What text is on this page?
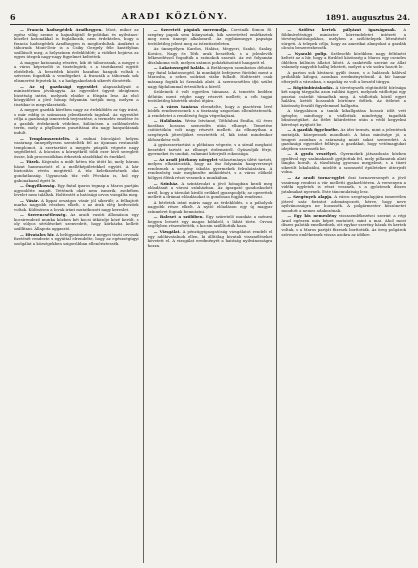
6	ARADI KÖZLÖNY.	1891. augusztus 24.

— Francia hadsegédek Aradhegyen. Most, mikor az egész világ szeme a hajnaltájitól fe-politikai és nyilvános-közélet katonákkal is foglalkozik, nem érdektelen, hogy a francia hadsegédek Aradhegyen is megfordultak. Amiként a tábornok Mont-Deir is a Csiky Gergely féle kastélyban szállásolt meg, a helyszínen érdeklődött; a vidéket bejárva az egyes ütegek nagy-nagy figyelmet keltettek.

A magyar katonaság részére, kik itt táboroznak, a megye s a város képviselői is tisztelegtek, s a tisztikarral együtt ebédeltek. A beszédek között hazafias hangok voltak s szívesen fogadták a vendégeket. A franciák a tábornak sok elismerést fejeztek ki, s a hadgyakorlatok sikerét dicsérték.

— Az uj gazdasági egyesület alapszabályait a minisztérium jóváhagyta. Az egyesület ügyeit ideiglenes bizottság intézi, melynek elnöke a főispán lesz. Az első közgyűlést a jövő hónap folyamán tartják meg, melyen a tisztikar is megválasztatik.

A megyei gazdák körében nagy az érdeklődés az ügy iránt, s már eddig is számosan jelentkeztek tagokul. Az egyesület célja a gazdasági ismeretek terjesztése, a termelés emelése és a gazdák érdekeinek védelme, különösen a szőlőművelés terén, mely a phylloxera pusztításai óta nagy hanyatlásnak indult.

— Templomszentelés. A radnai búcsújáró helyen vasárnap ünnepélyesen szentelték fel az újonnan restaurált templomot. A szertartást a megyés püspök végezte nagy segédlettel. A búcsúra a környékről több ezer hívő sereglett össze, kik processiókban érkeztek zászlókkal és énekkel.

— Tüzek. Kisjenőn a múlt héten tűz ütött ki, mely három házat hamvasztott el a melléképületekkel együtt. A kár biztosítás révén megtérül. A tűz keletkezésének oka gondatlanság. Ugyancsak tűz volt Pécskán is, hol egy gabonakazal égett le.

— Öngyilkosság. Egy fiatal iparos tegnap a Maros partján agyonlőtte magát. Tettének okát nem ismerik, zsebében levelet nem találtak. Holttestét a hatósági orvos vizsgálta meg.

— Vásár. A lippai országos vásár jól sikerült; a felhajtott marha nagyobb részben elkelt, s az árak elég kedvezőek voltak. Különösen a lovak iránt mutatkozott nagy kereslet.

— Szerencsétlenség. Az aradi vasúti állomáson egy kocsirendező munka közben két kocsi ütközője közé került, s oly súlyos sérüléseket szenvedett, hogy kórházba kellett szállítani. Állapota aggasztó.

— Hivatalos hir. A belügyminiszter a megyei tiszti orvosok fizetését rendezte s egyúttal elrendelte, hogy az egészségügyi szolgálat a községekben szigorúbban ellenőriztessék.

— Szeretett pápánk meremolja. Corvinák Simon fő. szegény papok sem hiányoztak, kik szeretettel emlékeztek meg ezen ünnepi alkalomról. Az egyházmegye papsága testületileg jelent meg az istentiszteleten.

Az ünnepélyen Kardos, Halász, Megyeri, Szabó, Szalay, Kovács, Nagy és Tóth urak beszéltek, s a jelenlevők lelkesedéssel fogadták a szónokok szavait. Az est folyamán díszlakoma volt, melyen számos pohárköszöntő hangzott el.

— Lakatossegéd halála. A Bethlenyen szombaton délután egy fiatal lakatossegéd, ki munkáját befejezve fürödni ment a Marosba, a sebes sodrású vízbe fulladt. Holttestét csak másnap fogták ki Szemlak alatt. A szerencsétlen ifjú szülei nagy fájdalommal értesültek a hírről.

Szüleinek ő volt egyetlen támasza. A temetés kedden délután ment végbe nagy részvét mellett; a céh tagjai testületileg kísérték utolsó útjára.

— A város tanácsa elrendelte, hogy a piactéren levő bódék rendezessenek s a tisztaság szigorúan ellenőriztessék. A rendeletet a rendőrség fogja végrehajtani.

— Halálozás. Weisz Istvánné, Tóthfalusi Emília, 62 éves korában hosszas szenvedés után elhunyt. Temetése csütörtökön volt nagy részvét mellett. Az elhunytban a szegények jótevőjüket vesztették el, kik iránt mindenkor áldozatkész volt.

A gyászszertartást a plébános végezte, s a sírnál megható beszédet tartott az elhunyt érdemeiről. Gyászolják férje, gyermekei és unokái, valamint kiterjedt rokonsága.

— Az aradi jótékony nőegylet választmánya ülést tartott, melyen elhatározták, hogy az ősz folyamán hangversenyt rendeznek a szegény iskolás gyermekek felruházására. A rendezőség már megkezdte működését, s a város előkelő hölgyei élénk részt vesznek a munkában.

— Szinház. A színtársulat a jövő hónapban kezdi meg előadásait a városi színházban. Az igazgató gondoskodott arról, hogy a társulat kiváló erőkkel gyarapodjék; az operettek mellett a drámai előadásokat is gondosan fogják rendezni.

A bérletek iránt máris nagy az érdeklődés, s a páholyok nagyobb része elkelt. A nyitó előadáson egy új magyar színművet fognak bemutatni.

— Baleset a szőlőben. Egy szüretelő munkás a ménesi hegyen leesett egy magas kőfalról, s lábát törte. Orvosi segélyben részesítették, s kocsin szállították haza.

— Vizsgálat. A pénzügyigazgatóság vizsgálatot rendelt el egy adóhivatalnok ellen, ki állítólag hivatali visszaéléseket követett el. A vizsgálat eredményét a hatóság nyilvánosságra hozza.

— Szőlész kertek pályázat igazságosak. A földmívelésügyi miniszter körrendeletet intézett a törvényhatóságokhoz, melyben a szőlőtelepek létesítését sürgeti. A telepek célja, hogy az amerikai alanyokat a gazdák olcsón beszerezhessék.

— Nyaraló polip. Szélesebb körökben nagy feltűnést keltett az a hír, hogy a fürdőző közönség a Maros egy csendes öblében különös állatot látott. A szakértők szerint az állat valamely nagyobb halfaj lehetett, melyet a víz sodra hozott le.

A parton sok kíváncsi gyűlt össze, s a halászok hálóval próbálták kifogni, azonban eredménytelenül. A hír hamar elterjedt a városban, s napokig ez volt a beszéd tárgya.

— Rögtönbiráskodás. A törvényszék rögtönítélő bírósága két napig tárgyalta azon rablási ügyet, melynek vádlottjai egy pusztai csárdát támadtak meg. A vádlottak közül egyet halálra, kettőt hosszabb börtönre ítéltek. Az ítéletet a közönség feszült figyelemmel hallgatta.

A tárgyaláson a tanúk kihallgatása hosszú időt vett igénybe, minthogy a vádlottak mindvégig tagadták bűnösségüket. Az ítélet kihirdetése után a védő kegyelmi kérvényt nyújtott be.

— A gazdák figyelmébe. Az idei termés, mint a jelentések mutatják, közepesnek mondható. A búza minősége jó, a tengeri azonban a szárazság miatt sokat szenvedett. A gazdasági egyesület felhívja a gazdákat, hogy vetőmagjukat idejében szerezzék be.

— A gyufa veszélyei. Gyermekek játszadozás közben gyufával egy szalmakazalt gyújtottak fel, mely pillanatok alatt lángba borult. A tűzoltóság gyorsan megjelent, s a tüzet sikerült lokalizálni, mielőtt a szomszéd épületekre átterjedt volna.

— Az aradi torna-egylet őszi tornaversenyét a jövő vasárnap rendezi a vár melletti gyakorlótéren. A versenyen a vidéki egyletek is részt vesznek, s a győztesek díszes jutalmakat nyernek. Este táncmulatság lesz.

— Szegények alapja. A város szegényalapjára ismeretlen jótevő száz forintot adományozott, kérve, hogy neve nyilvánosságra ne hozassék. A polgármester köszönetet mondott a nemes adakozónak.

— Egy kis nemeslény visszaemlékezései szerint a régi Arad egészen más képet mutatott, mint a mai. Ahol most díszes paloták emelkednek, ott egykor szerény házak és kertek voltak, s a Maros partját füzesek borították. Az öreg polgárok szívesen emlékeznek vissza azokra az időkre.
